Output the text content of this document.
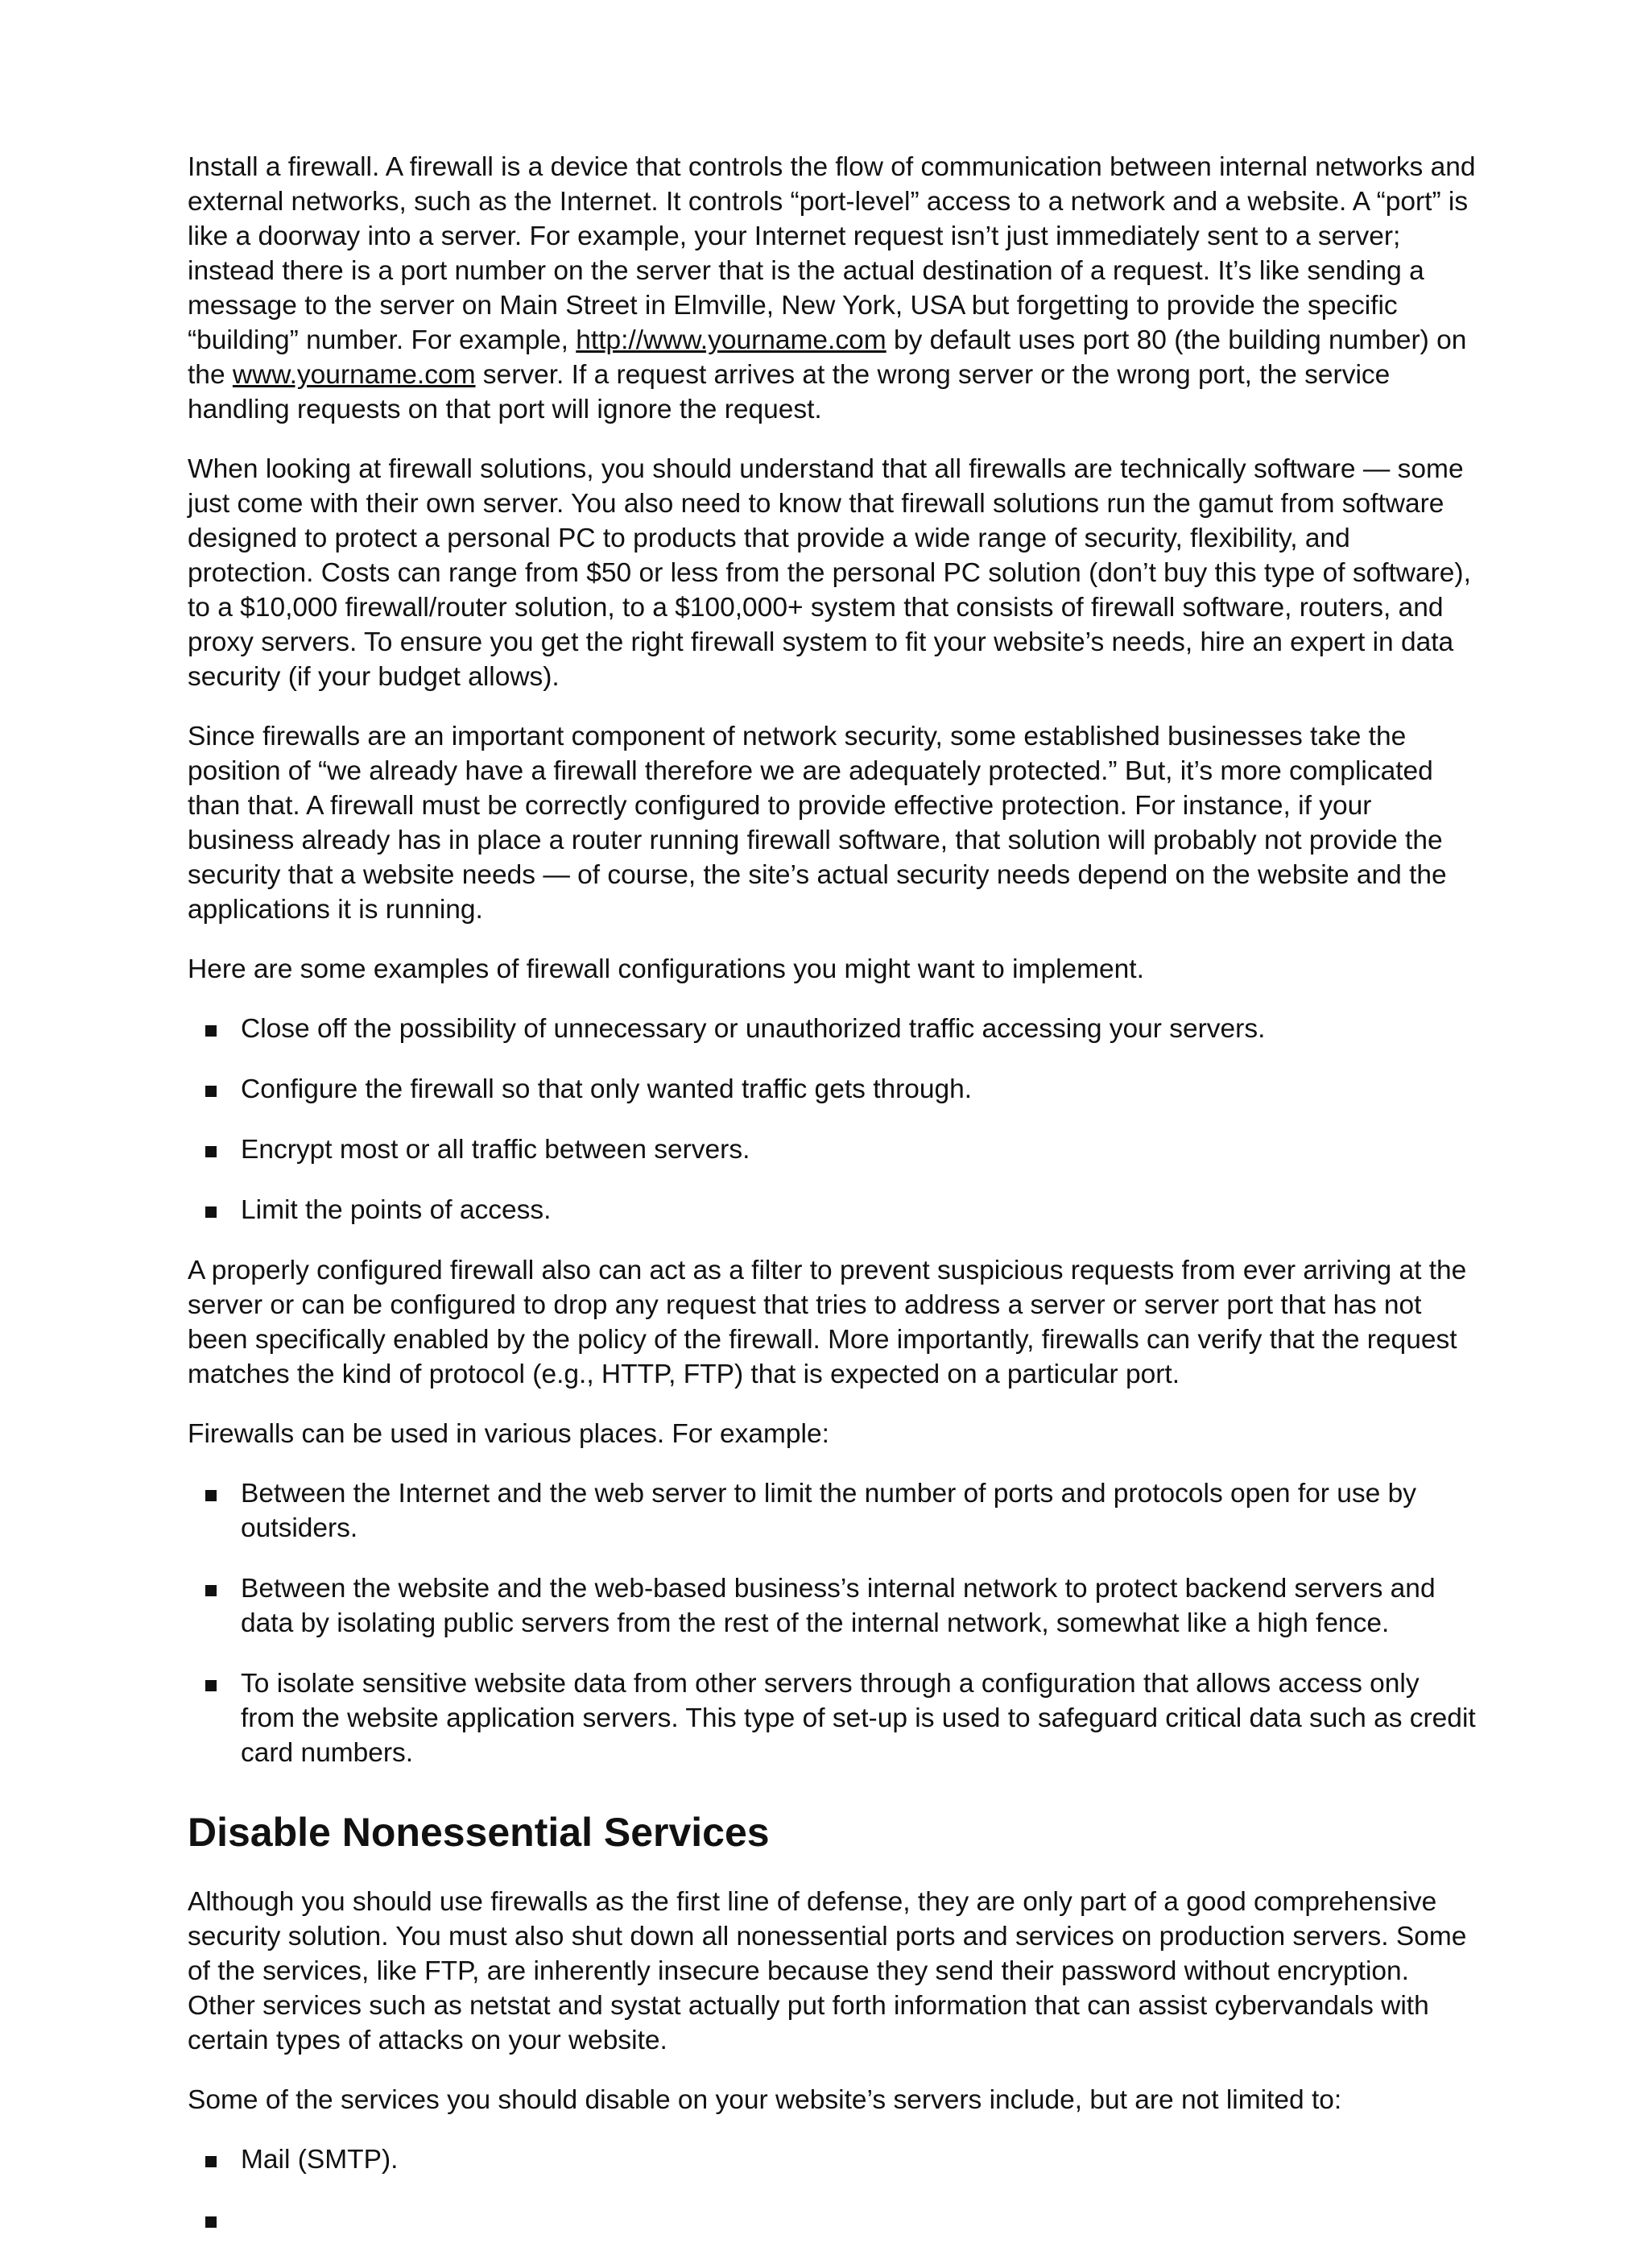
Install a firewall. A firewall is a device that controls the flow of communication between internal networks and external networks, such as the Internet. It controls “port-level” access to a network and a website. A “port” is like a doorway into a server. For example, your Internet request isn’t just immediately sent to a server; instead there is a port number on the server that is the actual destination of a request. It’s like sending a message to the server on Main Street in Elmville, New York, USA but forgetting to provide the specific “building” number. For example, http://www.yourname.com by default uses port 80 (the building number) on the www.yourname.com server. If a request arrives at the wrong server or the wrong port, the service handling requests on that port will ignore the request.

When looking at firewall solutions, you should understand that all firewalls are technically software — some just come with their own server. You also need to know that firewall solutions run the gamut from software designed to protect a personal PC to products that provide a wide range of security, flexibility, and protection. Costs can range from $50 or less from the personal PC solution (don’t buy this type of software), to a $10,000 firewall/router solution, to a $100,000+ system that consists of firewall software, routers, and proxy servers. To ensure you get the right firewall system to fit your website’s needs, hire an expert in data security (if your budget allows).

Since firewalls are an important component of network security, some established businesses take the position of “we already have a firewall therefore we are adequately protected.” But, it’s more complicated than that. A firewall must be correctly configured to provide effective protection. For instance, if your business already has in place a router running firewall software, that solution will probably not provide the security that a website needs — of course, the site’s actual security needs depend on the website and the applications it is running.

Here are some examples of firewall configurations you might want to implement.

Close off the possibility of unnecessary or unauthorized traffic accessing your servers.
Configure the firewall so that only wanted traffic gets through.
Encrypt most or all traffic between servers.
Limit the points of access.

A properly configured firewall also can act as a filter to prevent suspicious requests from ever arriving at the server or can be configured to drop any request that tries to address a server or server port that has not been specifically enabled by the policy of the firewall. More importantly, firewalls can verify that the request matches the kind of protocol (e.g., HTTP, FTP) that is expected on a particular port.

Firewalls can be used in various places. For example:

Between the Internet and the web server to limit the number of ports and protocols open for use by outsiders.
Between the website and the web-based business’s internal network to protect backend servers and data by isolating public servers from the rest of the internal network, somewhat like a high fence.
To isolate sensitive website data from other servers through a configuration that allows access only from the website application servers. This type of set-up is used to safeguard critical data such as credit card numbers.
Disable Nonessential Services

Although you should use firewalls as the first line of defense, they are only part of a good comprehensive security solution. You must also shut down all nonessential ports and services on production servers. Some of the services, like FTP, are inherently insecure because they send their password without encryption. Other services such as netstat and systat actually put forth information that can assist cybervandals with certain types of attacks on your website.

Some of the services you should disable on your website’s servers include, but are not limited to:

Mail (SMTP).
